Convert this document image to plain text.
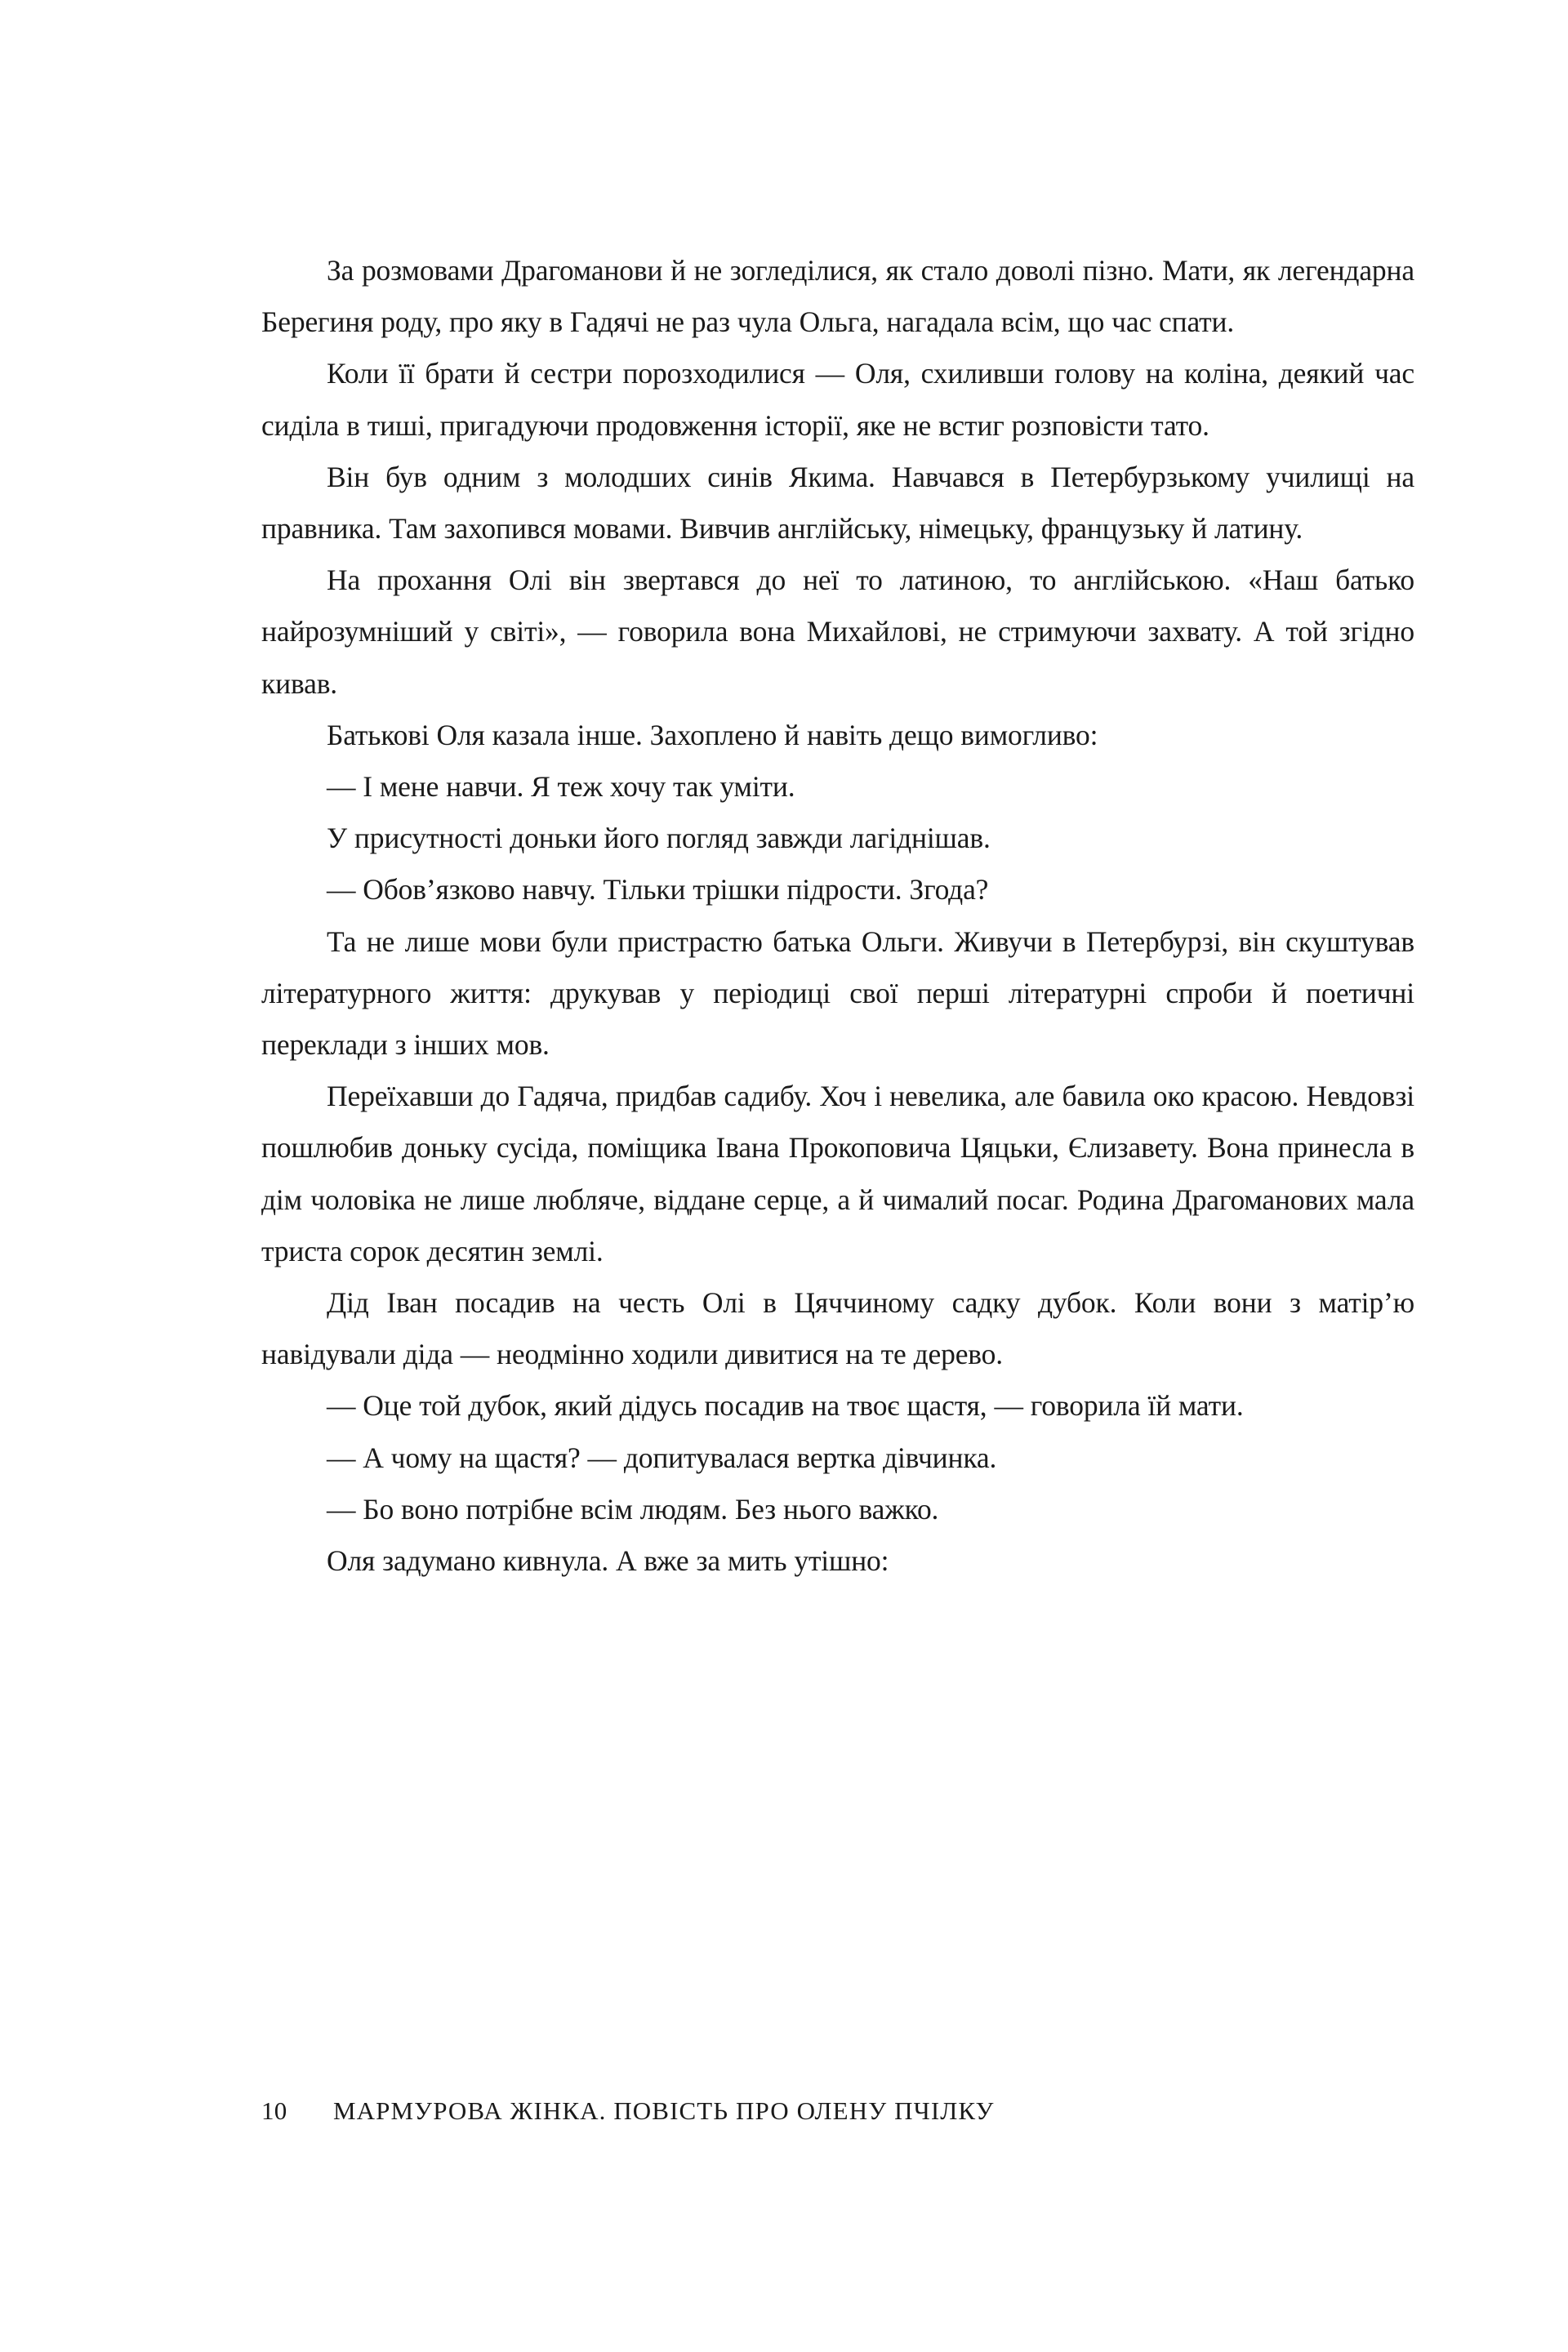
За розмовами Драгоманови й не зогледілися, як стало доволі пізно. Мати, як легендарна Берегиня роду, про яку в Гадячі не раз чула Ольга, нагадала всім, що час спати.

Коли її брати й сестри порозходилися — Оля, схиливши голову на коліна, деякий час сиділа в тиші, пригадуючи продовження історії, яке не встиг розповісти тато.

Він був одним з молодших синів Якима. Навчався в Петербурзькому училищі на правника. Там захопився мовами. Вивчив англійську, німецьку, французьку й латину.

На прохання Олі він звертався до неї то латиною, то англійською. «Наш батько найрозумніший у світі», — говорила вона Михайлові, не стримуючи захвату. А той згідно кивав.

Батькові Оля казала інше. Захоплено й навіть дещо вимогливо:

— І мене навчи. Я теж хочу так уміти.

У присутності доньки його погляд завжди лагіднішав.

— Обов’язково навчу. Тільки трішки підрости. Згода?

Та не лише мови були пристрастю батька Ольги. Живучи в Петербурзі, він скуштував літературного життя: друкував у періодиці свої перші літературні спроби й поетичні переклади з інших мов.

Переїхавши до Гадяча, придбав садибу. Хоч і невелика, але бавила око красою. Невдовзі пошлюбив доньку сусіда, поміщика Івана Прокоповича Цяцьки, Єлизавету. Вона принесла в дім чоловіка не лише любляче, віддане серце, а й чималий посаг. Родина Драгоманових мала триста сорок десятин землі.

Дід Іван посадив на честь Олі в Цяччиному садку дубок. Коли вони з матір’ю навідували діда — неодмінно ходили дивитися на те дерево.

— Оце той дубок, який дідусь посадив на твоє щастя, — говорила їй мати.

— А чому на щастя? — допитувалася вертка дівчинка.

— Бо воно потрібне всім людям. Без нього важко.

Оля задумано кивнула. А вже за мить утішно:

10	МАРМУРОВА ЖІНКА. ПОВІСТЬ ПРО ОЛЕНУ ПЧІЛКУ
